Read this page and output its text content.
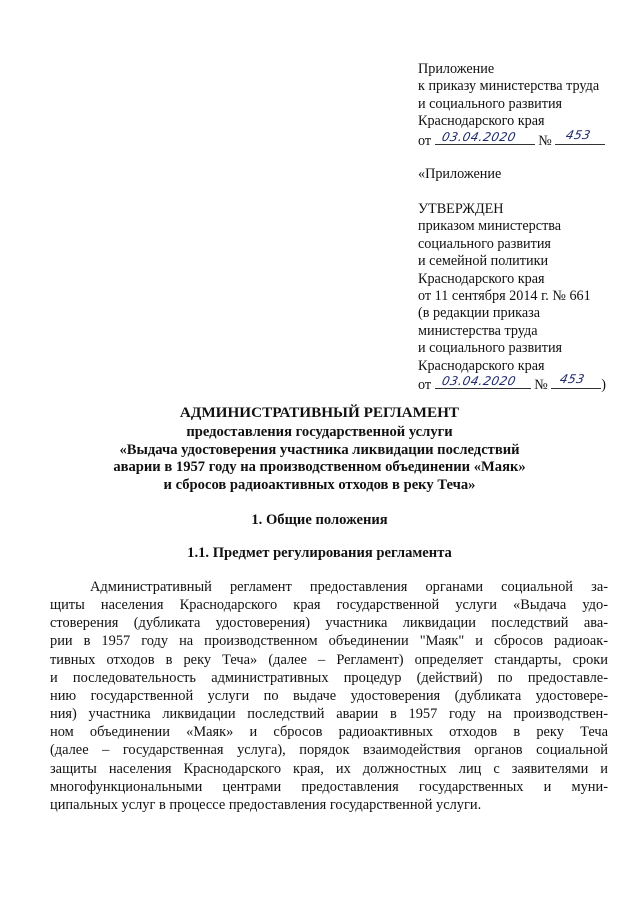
Приложение
к приказу министерства труда
и социального развития
Краснодарского края
от	№
03.04.2020	453
«Приложение
УТВЕРЖДЕН
приказом министерства
социального развития
и семейной политики
Краснодарского края
от 11 сентября 2014 г. № 661
(в редакции приказа
министерства труда
и социального развития
Краснодарского края
от	№	)
03.04.2020	453
АДМИНИСТРАТИВНЫЙ РЕГЛАМЕНТ
предоставления государственной услуги
«Выдача удостоверения участника ликвидации последствий
аварии в 1957 году на производственном объединении «Маяк»
и сбросов радиоактивных отходов в реку Теча»
1. Общие положения
1.1. Предмет регулирования регламента
Административный регламент предоставления органами социальной за-
щиты населения Краснодарского края государственной услуги «Выдача удо-
стоверения (дубликата удостоверения) участника ликвидации последствий ава-
рии в 1957 году на производственном объединении "Маяк" и сбросов радиоак-
тивных отходов в реку Теча» (далее – Регламент) определяет стандарты, сроки
и последовательность административных процедур (действий) по предоставле-
нию государственной услуги по выдаче удостоверения (дубликата удостовере-
ния) участника ликвидации последствий аварии в 1957 году на производствен-
ном объединении «Маяк» и сбросов радиоактивных отходов в реку Теча
(далее – государственная услуга), порядок взаимодействия органов социальной
защиты населения Краснодарского края, их должностных лиц с заявителями и
многофункциональными центрами предоставления государственных и муни-
ципальных услуг в процессе предоставления государственной услуги.
